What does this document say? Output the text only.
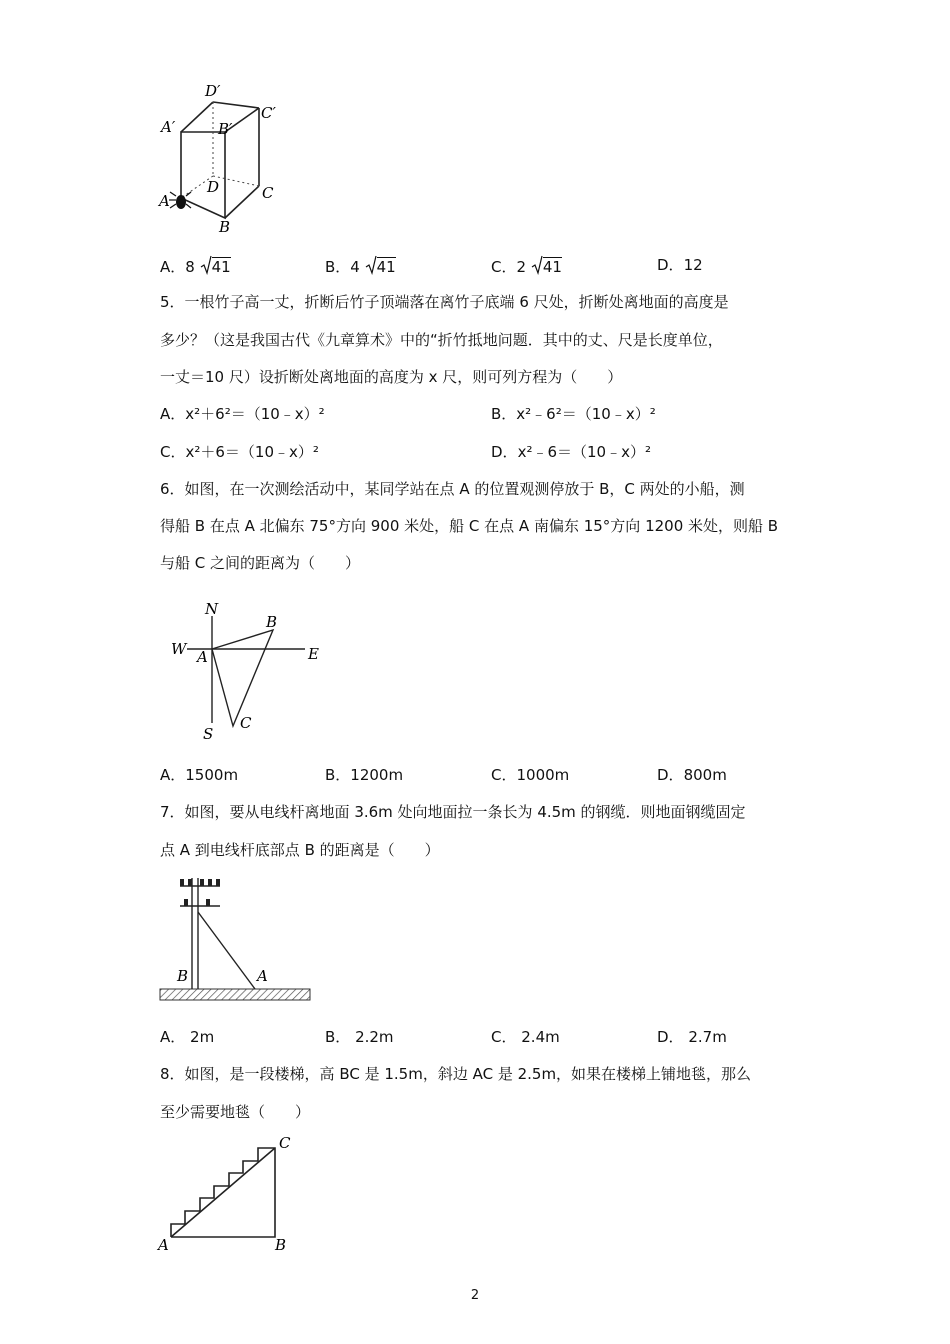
D′
C′
A′	B′
D
A	C
B
A．8 41	B．4 41	C．2 41	D．12
5．一根竹子高一丈，折断后竹子顶端落在离竹子底端 6 尺处，折断处离地面的高度是
多少？（这是我国古代《九章算术》中的“折竹抵地问题．其中的丈、尺是长度单位，
一丈＝10 尺）设折断处离地面的高度为 x 尺，则可列方程为（　　）
A．x²＋6²＝（10﹣x）²	B．x²﹣6²＝（10﹣x）²
C．x²＋6＝（10﹣x）²	D．x²﹣6＝（10﹣x）²
6．如图，在一次测绘活动中，某同学站在点 A 的位置观测停放于 B，C 两处的小船，测
得船 B 在点 A 北偏东 75°方向 900 米处，船 C 在点 A 南偏东 15°方向 1200 米处，则船 B
与船 C 之间的距离为（　　）
N
W A
B
E
S
C
A．1500m	B．1200m	C．1000m	D．800m
7．如图，要从电线杆离地面 3.6m 处向地面拉一条长为 4.5m 的钢缆．则地面钢缆固定
点 A 到电线杆底部点 B 的距离是（　　）
B	A
A． 2m	B． 2.2m	C． 2.4m	D． 2.7m
8．如图，是一段楼梯，高 BC 是 1.5m，斜边 AC 是 2.5m，如果在楼梯上铺地毯，那么
至少需要地毯（　　）
C
A	B
2
